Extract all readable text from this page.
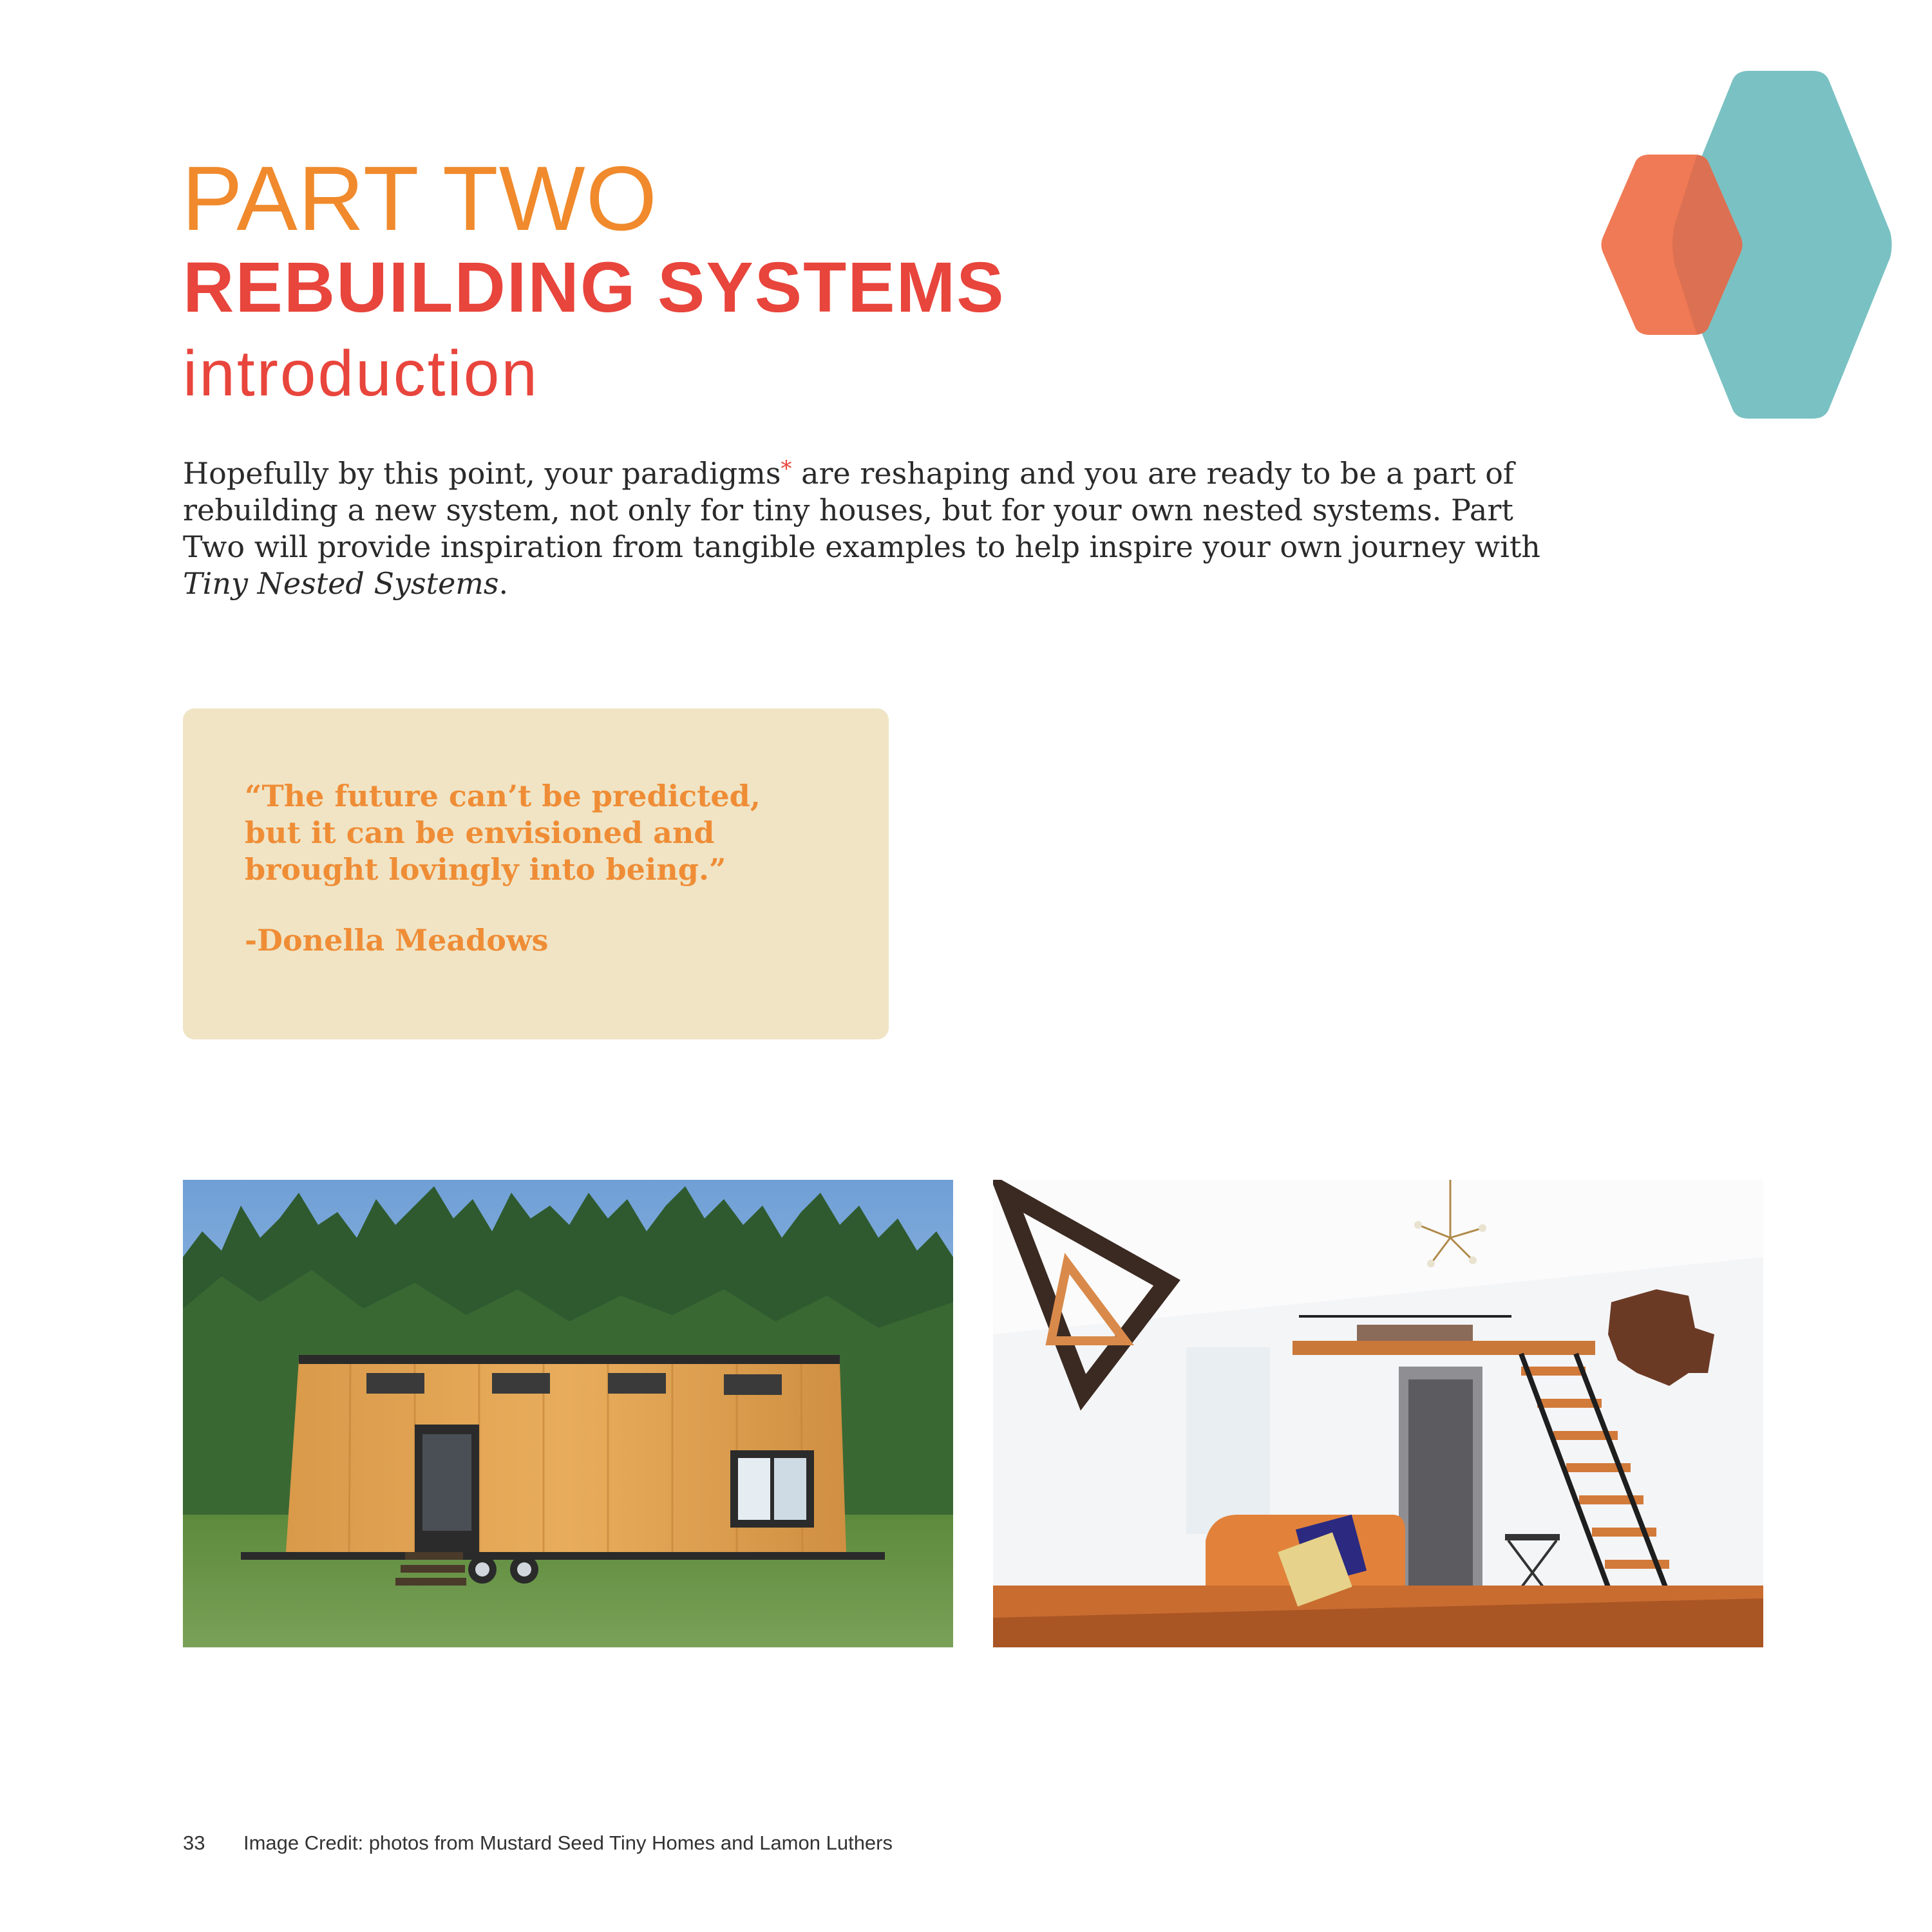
PART TWO
REBUILDING SYSTEMS
introduction

Hopefully by this point, your paradigms* are reshaping and you are ready to be a part of rebuilding a new system, not only for tiny houses, but for your own nested systems. Part Two will provide inspiration from tangible examples to help inspire your own journey with Tiny Nested Systems.

“The future can’t be predicted, but it can be envisioned and brought lovingly into being.”

-Donella Meadows

33 Image Credit: photos from Mustard Seed Tiny Homes and Lamon Luthers
